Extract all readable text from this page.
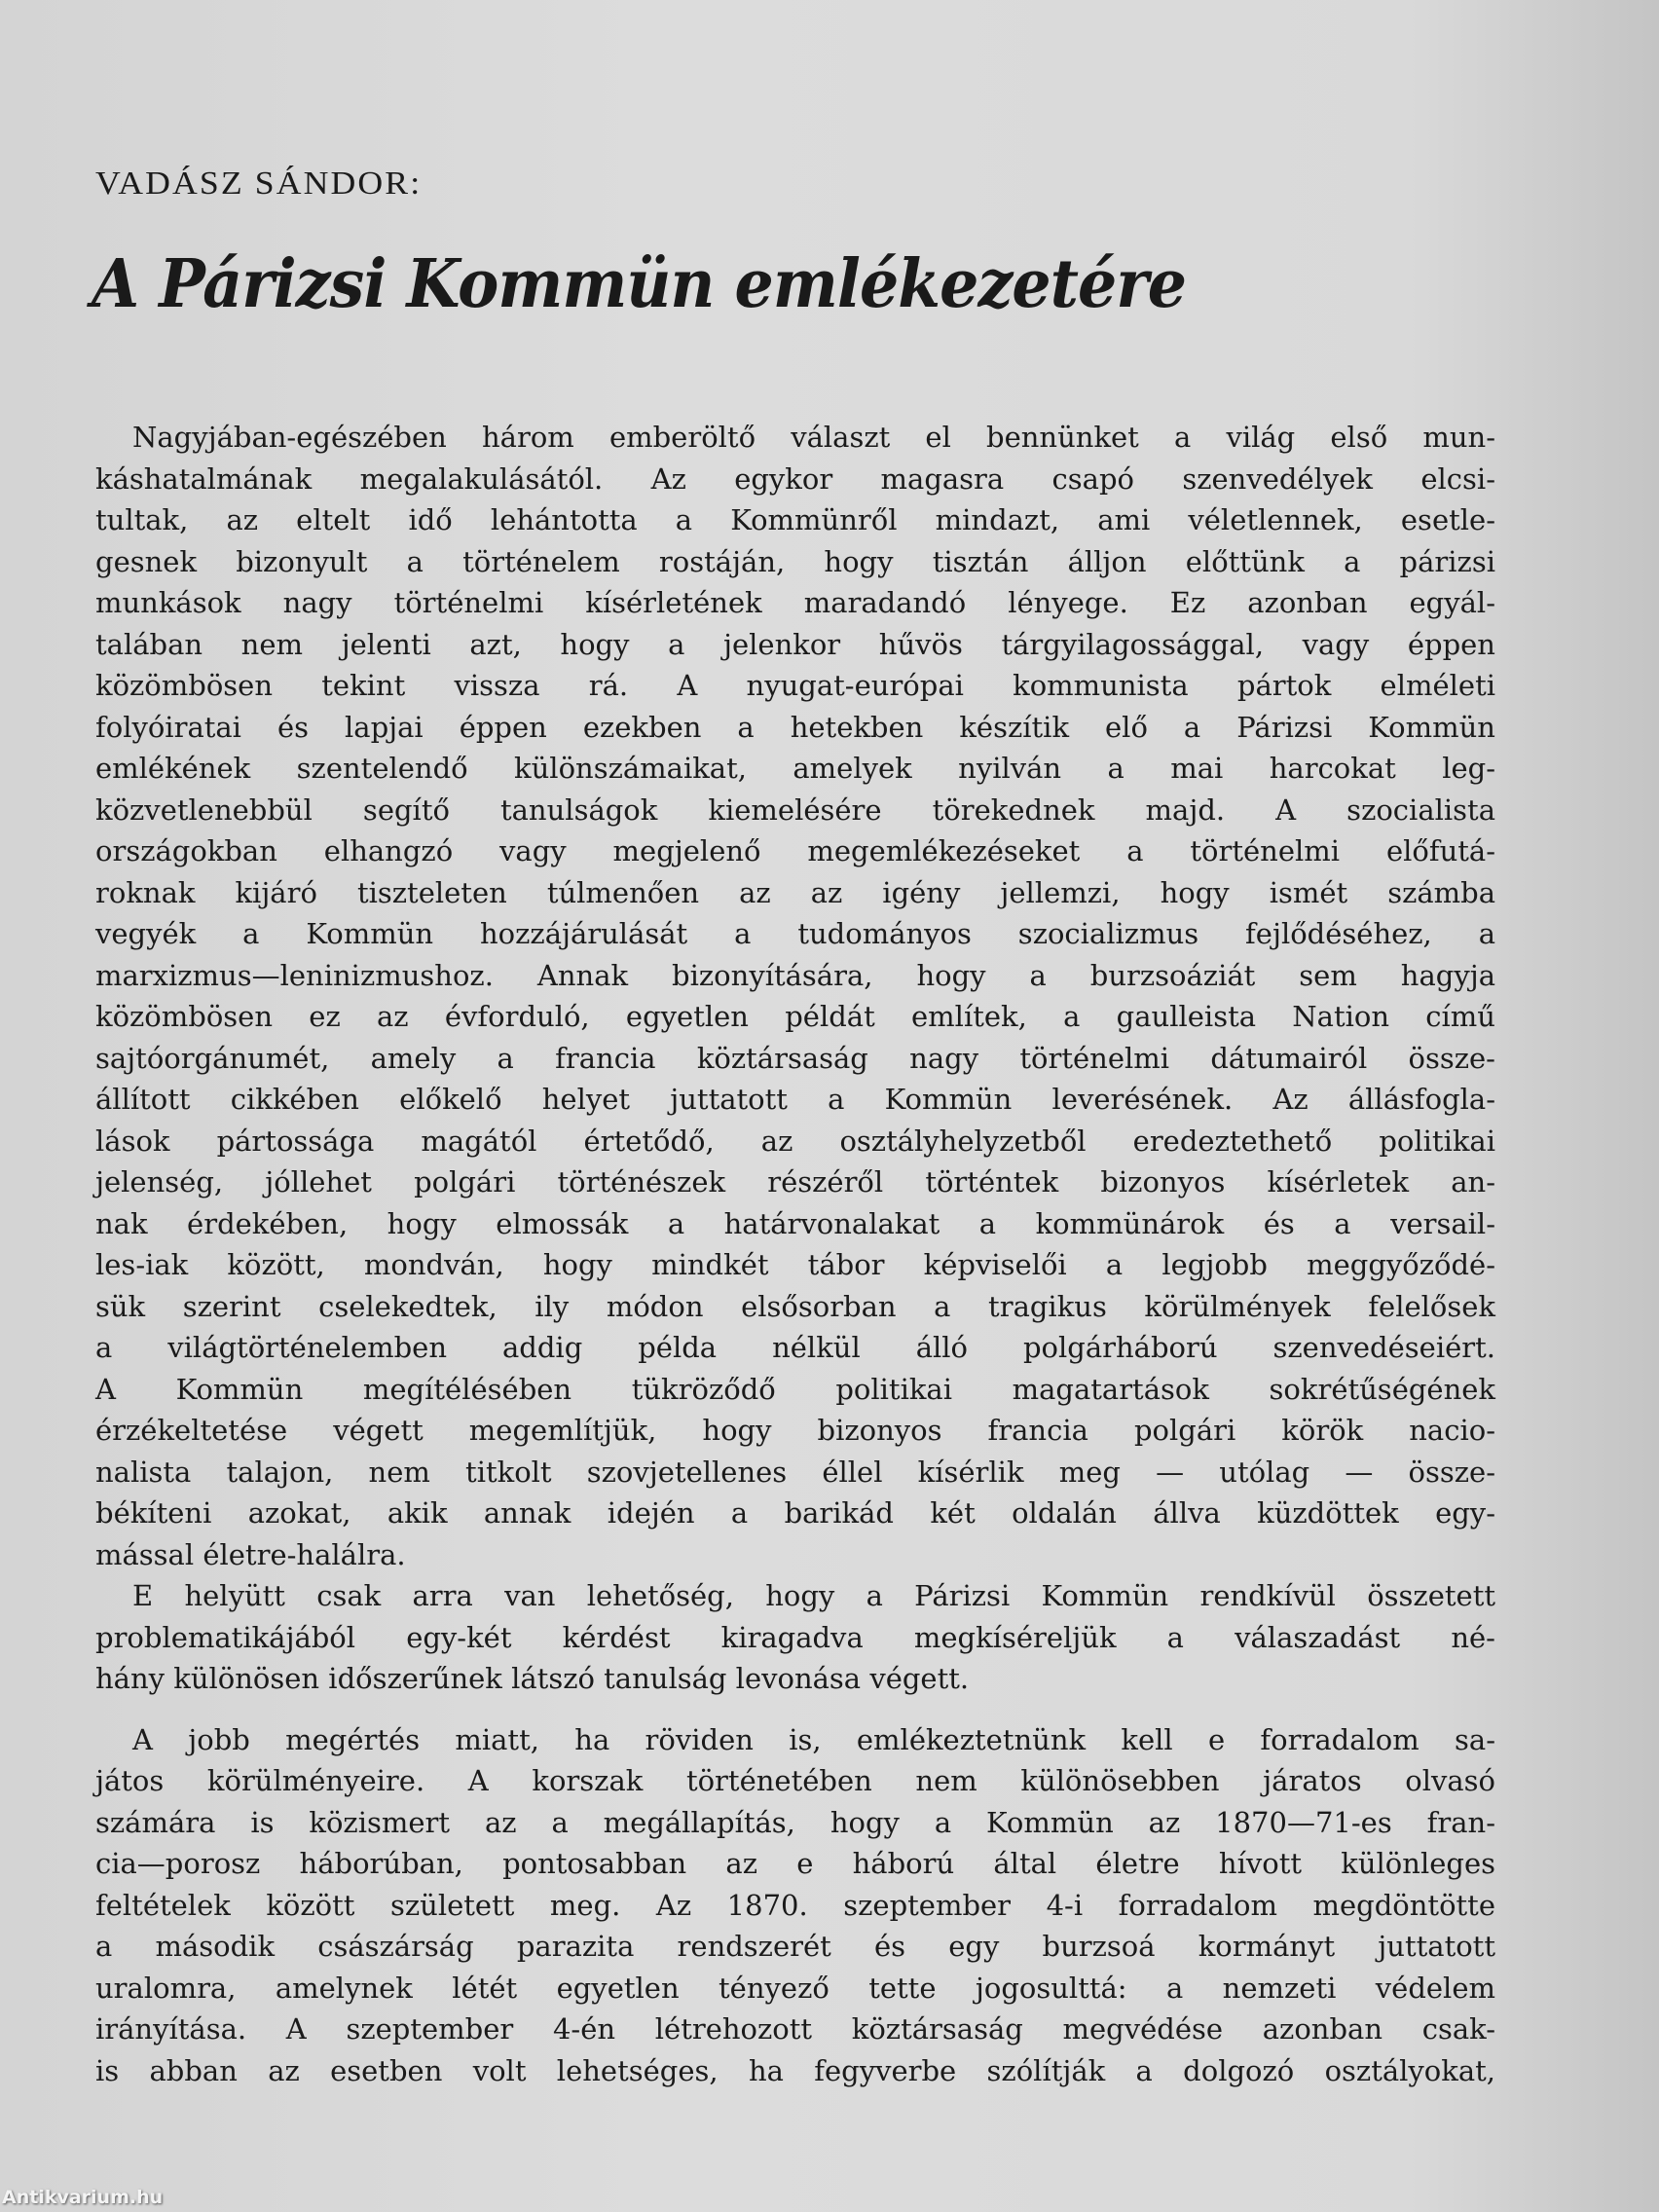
VADÁSZ SÁNDOR:
A Párizsi Kommün emlékezetére
Nagyjában-egészében három emberöltő választ el bennünket a világ első mun-
káshatalmának megalakulásától. Az egykor magasra csapó szenvedélyek elcsi-
tultak, az eltelt idő lehántotta a Kommünről mindazt, ami véletlennek, esetle-
gesnek bizonyult a történelem rostáján, hogy tisztán álljon előttünk a párizsi
munkások nagy történelmi kísérletének maradandó lényege. Ez azonban egyál-
talában nem jelenti azt, hogy a jelenkor hűvös tárgyilagossággal, vagy éppen
közömbösen tekint vissza rá. A nyugat-európai kommunista pártok elméleti
folyóiratai és lapjai éppen ezekben a hetekben készítik elő a Párizsi Kommün
emlékének szentelendő különszámaikat, amelyek nyilván a mai harcokat leg-
közvetlenebbül segítő tanulságok kiemelésére törekednek majd. A szocialista
országokban elhangzó vagy megjelenő megemlékezéseket a történelmi előfutá-
roknak kijáró tiszteleten túlmenően az az igény jellemzi, hogy ismét számba
vegyék a Kommün hozzájárulását a tudományos szocializmus fejlődéséhez, a
marxizmus—leninizmushoz. Annak bizonyítására, hogy a burzsoáziát sem hagyja
közömbösen ez az évforduló, egyetlen példát említek, a gaulleista Nation című
sajtóorgánumét, amely a francia köztársaság nagy történelmi dátumairól össze-
állított cikkében előkelő helyet juttatott a Kommün leverésének. Az állásfogla-
lások pártossága magától értetődő, az osztályhelyzetből eredeztethető politikai
jelenség, jóllehet polgári történészek részéről történtek bizonyos kísérletek an-
nak érdekében, hogy elmossák a határvonalakat a kommünárok és a versail-
les-iak között, mondván, hogy mindkét tábor képviselői a legjobb meggyőződé-
sük szerint cselekedtek, ily módon elsősorban a tragikus körülmények felelősek
a világtörténelemben addig példa nélkül álló polgárháború szenvedéseiért.
A Kommün megítélésében tükröződő politikai magatartások sokrétűségének
érzékeltetése végett megemlítjük, hogy bizonyos francia polgári körök nacio-
nalista talajon, nem titkolt szovjetellenes éllel kísérlik meg — utólag — össze-
békíteni azokat, akik annak idején a barikád két oldalán állva küzdöttek egy-
mással életre-halálra.
E helyütt csak arra van lehetőség, hogy a Párizsi Kommün rendkívül összetett
problematikájából egy-két kérdést kiragadva megkíséreljük a válaszadást né-
hány különösen időszerűnek látszó tanulság levonása végett.
A jobb megértés miatt, ha röviden is, emlékeztetnünk kell e forradalom sa-
játos körülményeire. A korszak történetében nem különösebben járatos olvasó
számára is közismert az a megállapítás, hogy a Kommün az 1870—71-es fran-
cia—porosz háborúban, pontosabban az e háború által életre hívott különleges
feltételek között született meg. Az 1870. szeptember 4-i forradalom megdöntötte
a második császárság parazita rendszerét és egy burzsoá kormányt juttatott
uralomra, amelynek létét egyetlen tényező tette jogosulttá: a nemzeti védelem
irányítása. A szeptember 4-én létrehozott köztársaság megvédése azonban csak-
is abban az esetben volt lehetséges, ha fegyverbe szólítják a dolgozó osztályokat,
Antikvarium.hu
